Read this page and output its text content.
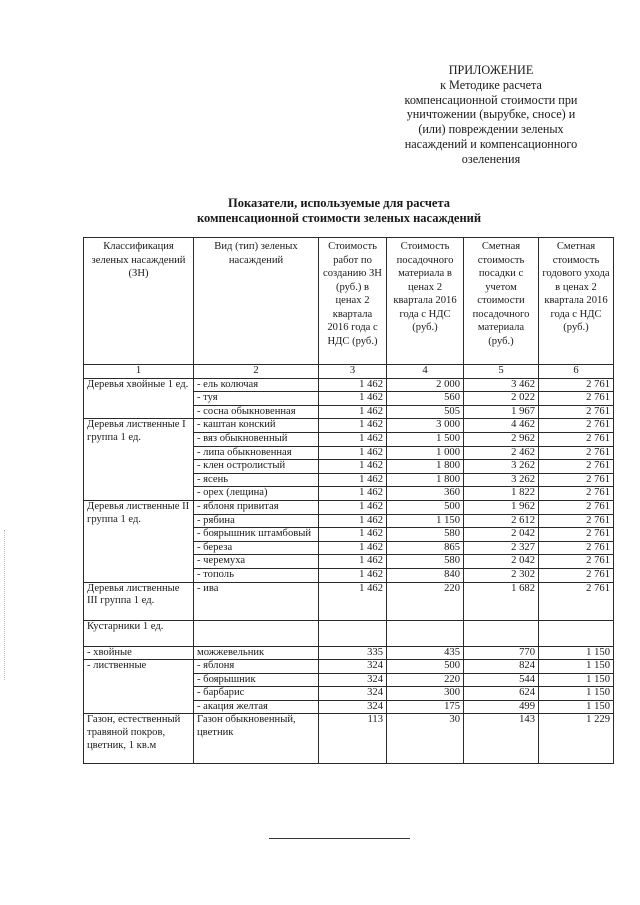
ПРИЛОЖЕНИЕ
к Методике расчета
компенсационной стоимости при
уничтожении (вырубке, сносе) и
(или) повреждении зеленых
насаждений и компенсационного
озеленения
Показатели, используемые для расчета
компенсационной стоимости зеленых насаждений
Классификация зеленых насаждений (ЗН)	Вид (тип) зеленых насаждений	Стоимость работ по созданию ЗН (руб.) в ценах 2 квартала 2016 года с НДС (руб.)	Стоимость посадочного материала в ценах 2 квартала 2016 года с НДС (руб.)	Сметная стоимость посадки с учетом стоимости посадочного материала (руб.)	Сметная стоимость годового ухода в ценах 2 квартала 2016 года с НДС (руб.)
1	2	3	4	5	6
Деревья хвойные 1 ед.	- ель колючая	1 462	2 000	3 462	2 761
	- туя	1 462	560	2 022	2 761
	- сосна обыкновенная	1 462	505	1 967	2 761
Деревья лиственные I группа 1 ед.	- каштан конский	1 462	3 000	4 462	2 761
	- вяз обыкновенный	1 462	1 500	2 962	2 761
	- липа обыкновенная	1 462	1 000	2 462	2 761
	- клен остролистый	1 462	1 800	3 262	2 761
	- ясень	1 462	1 800	3 262	2 761
	- орех (лещина)	1 462	360	1 822	2 761
Деревья лиственные II группа 1 ед.	- яблоня привитая	1 462	500	1 962	2 761
	- рябина	1 462	1 150	2 612	2 761
	- боярышник штамбовый	1 462	580	2 042	2 761
	- береза	1 462	865	2 327	2 761
	- черемуха	1 462	580	2 042	2 761
	- тополь	1 462	840	2 302	2 761
Деревья лиственные III группа 1 ед.	- ива	1 462	220	1 682	2 761
Кустарники 1 ед.					
- хвойные	можжевельник	335	435	770	1 150
- лиственные	- яблоня	324	500	824	1 150
	- боярышник	324	220	544	1 150
	- барбарис	324	300	624	1 150
	- акация желтая	324	175	499	1 150
Газон, естественный травяной покров, цветник, 1 кв.м	Газон обыкновенный, цветник	113	30	143	1 229
